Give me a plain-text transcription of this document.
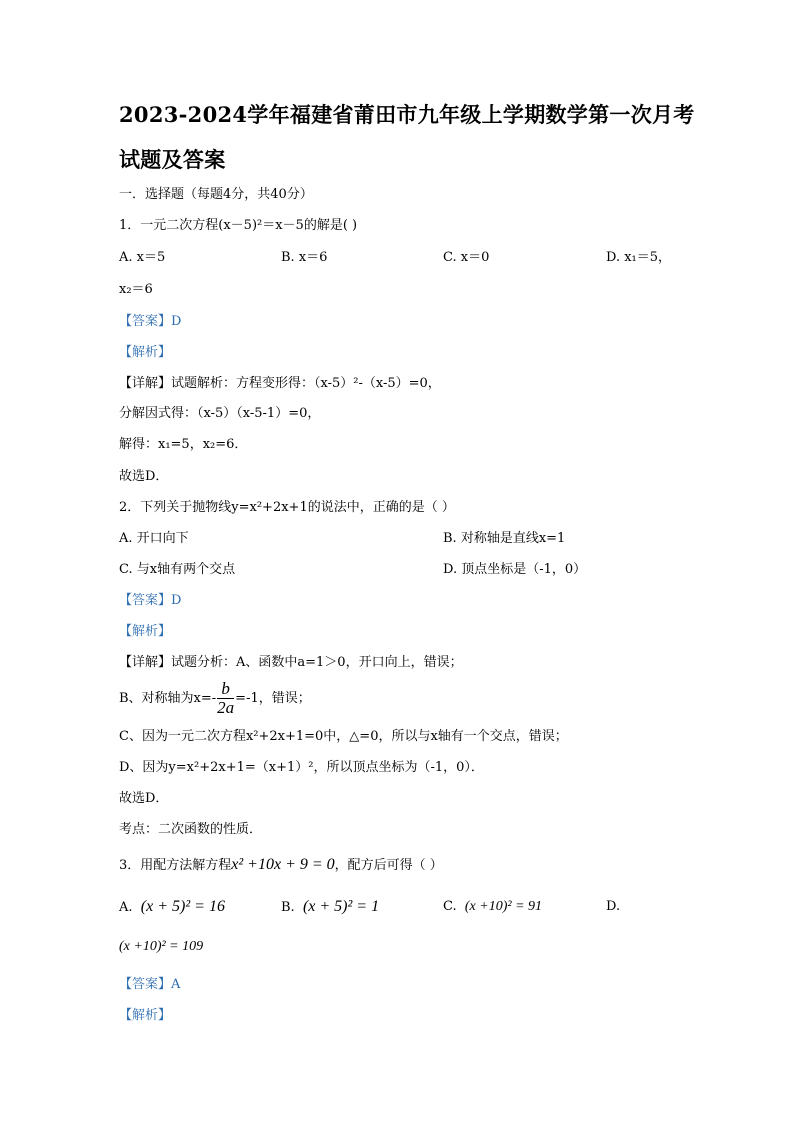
2023-2024学年福建省莆田市九年级上学期数学第一次月考
试题及答案
一．选择题（每题4分，共40分）
1．一元二次方程(x－5)²＝x－5的解是( )
A. x＝5	B. x＝6	C. x＝0	D. x₁＝5，
x₂＝6
【答案】D
【解析】
【详解】试题解析：方程变形得：（x-5）²-（x-5）=0，
分解因式得：（x-5）（x-5-1）=0，
解得：x₁=5，x₂=6．
故选D．
2．下列关于抛物线y=x²+2x+1的说法中，正确的是（ ）
A. 开口向下	B. 对称轴是直线x=1
C. 与x轴有两个交点	D. 顶点坐标是（-1，0）
【答案】D
【解析】
【详解】试题分析：A、函数中a=1＞0，开口向上，错误；
B、对称轴为$x=- \frac{b}{2a} =-1$，错误；
C、因为一元二次方程x²+2x+1=0中，△=0，所以与x轴有一个交点，错误；
D、因为y=x²+2x+1=（x+1）²，所以顶点坐标为（-1，0）．
故选D．
考点：二次函数的性质．
3．用配方法解方程x² +10x + 9 = 0，配方后可得（ ）
A. (x + 5)² = 16	B. (x + 5)² = 1	C. (x +10)² = 91	D.
(x +10)² = 109
【答案】A
【解析】
